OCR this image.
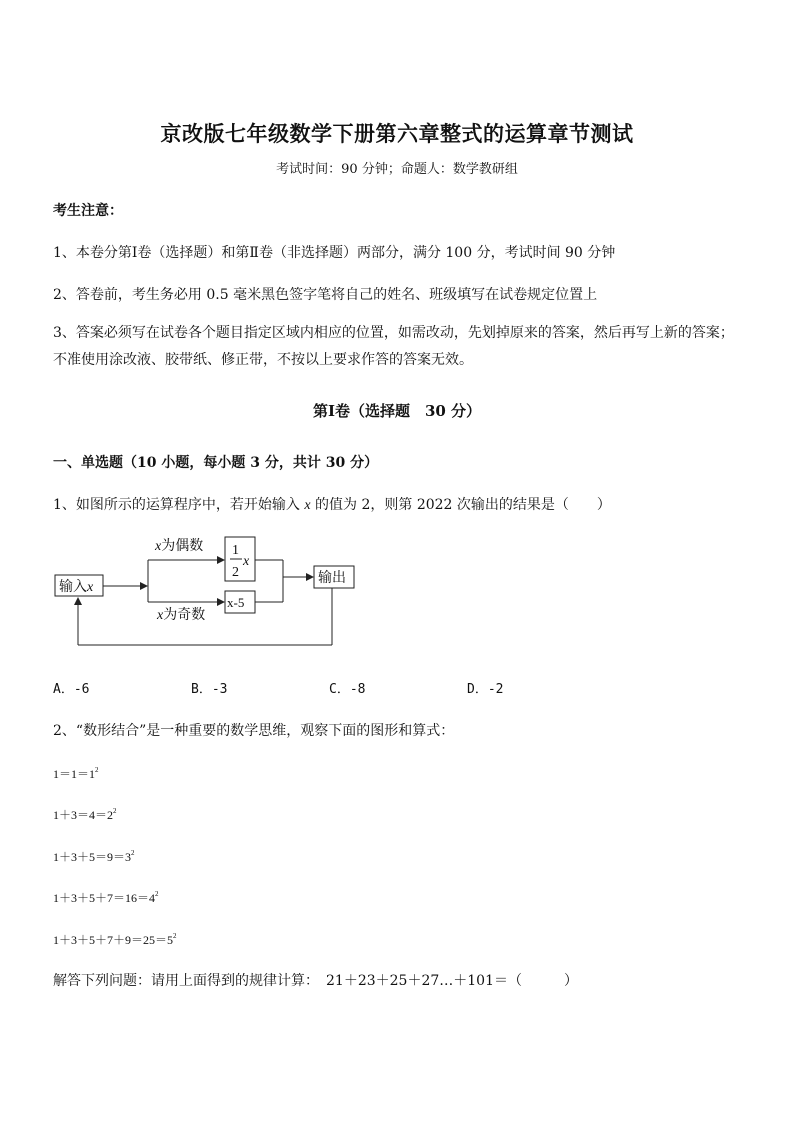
京改版七年级数学下册第六章整式的运算章节测试
考试时间：90 分钟；命题人：数学教研组
考生注意：
1、本卷分第Ⅰ卷（选择题）和第Ⅱ卷（非选择题）两部分，满分 100 分，考试时间 90 分钟
2、答卷前，考生务必用 0.5 毫米黑色签字笔将自己的姓名、班级填写在试卷规定位置上
3、答案必须写在试卷各个题目指定区域内相应的位置，如需改动，先划掉原来的答案，然后再写上新的答案；不准使用涂改液、胶带纸、修正带，不按以上要求作答的答案无效。
第Ⅰ卷（选择题　30 分）
一、单选题（10 小题，每小题 3 分，共计 30 分）
1、如图所示的运算程序中，若开始输入 x 的值为 2，则第 2022 次输出的结果是（　　）
输入x
x为偶数
x为奇数
1
2
x
x-5
输出
A．-6	B．-3	C．-8	D．-2
2、“数形结合”是一种重要的数学思维，观察下面的图形和算式：
$1=1=1^2$
$1+3=4=2^2$
$1+3+5=9=3^2$
$1+3+5+7=16=4^2$
$1+3+5+7+9=25=5^2$
解答下列问题：请用上面得到的规律计算：　21＋23＋25＋27…＋101＝（　　　）
